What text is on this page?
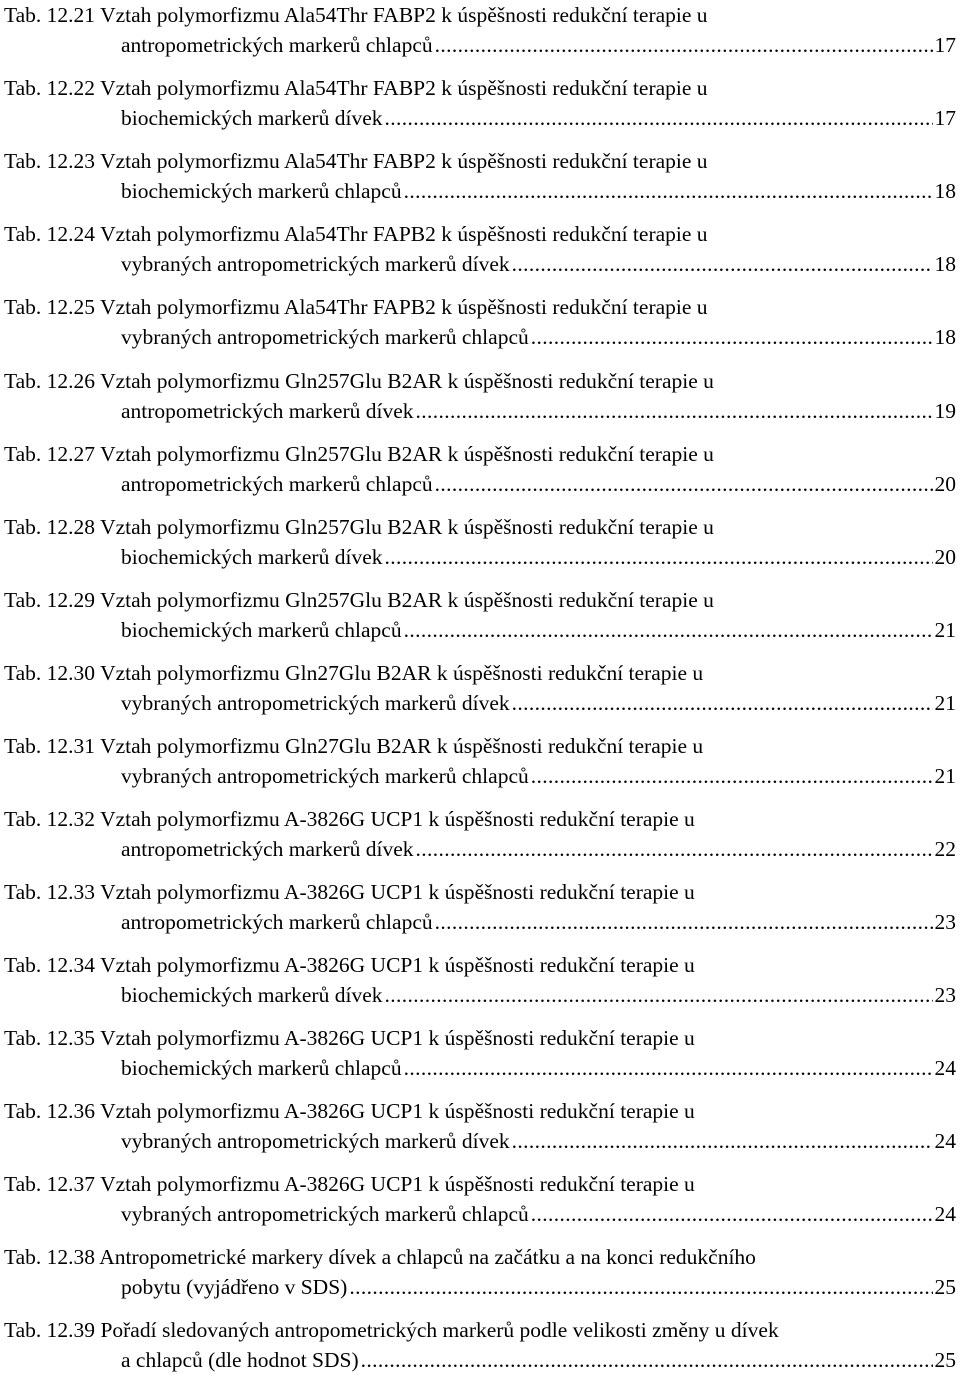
Tab. 12.21 Vztah polymorfizmu Ala54Thr FABP2 k úspěšnosti redukční terapie u
antropometrických markerů chlapců . . .	17
Tab. 12.22 Vztah polymorfizmu Ala54Thr FABP2 k úspěšnosti redukční terapie u
biochemických markerů dívek . . .	17
Tab. 12.23 Vztah polymorfizmu Ala54Thr FABP2 k úspěšnosti redukční terapie u
biochemických markerů chlapců . . .	18
Tab. 12.24 Vztah polymorfizmu Ala54Thr FAPB2 k úspěšnosti redukční terapie u
vybraných antropometrických markerů dívek . . .	18
Tab. 12.25 Vztah polymorfizmu Ala54Thr FAPB2 k úspěšnosti redukční terapie u
vybraných antropometrických markerů chlapců . . .	18
Tab. 12.26 Vztah polymorfizmu Gln257Glu B2AR k úspěšnosti redukční terapie u
antropometrických markerů dívek . . .	19
Tab. 12.27 Vztah polymorfizmu Gln257Glu B2AR k úspěšnosti redukční terapie u
antropometrických markerů chlapců . . .	20
Tab. 12.28 Vztah polymorfizmu Gln257Glu B2AR k úspěšnosti redukční terapie u
biochemických markerů dívek . . .	20
Tab. 12.29 Vztah polymorfizmu Gln257Glu B2AR k úspěšnosti redukční terapie u
biochemických markerů chlapců . . .	21
Tab. 12.30 Vztah polymorfizmu Gln27Glu B2AR k úspěšnosti redukční terapie u
vybraných antropometrických markerů dívek . . .	21
Tab. 12.31 Vztah polymorfizmu Gln27Glu B2AR k úspěšnosti redukční terapie u
vybraných antropometrických markerů chlapců . . .	21
Tab. 12.32 Vztah polymorfizmu A-3826G UCP1 k úspěšnosti redukční terapie u
antropometrických markerů dívek . . .	22
Tab. 12.33 Vztah polymorfizmu A-3826G UCP1 k úspěšnosti redukční terapie u
antropometrických markerů chlapců . . .	23
Tab. 12.34 Vztah polymorfizmu A-3826G UCP1 k úspěšnosti redukční terapie u
biochemických markerů dívek . . .	23
Tab. 12.35 Vztah polymorfizmu A-3826G UCP1 k úspěšnosti redukční terapie u
biochemických markerů chlapců . . .	24
Tab. 12.36 Vztah polymorfizmu A-3826G UCP1 k úspěšnosti redukční terapie u
vybraných antropometrických markerů dívek . . .	24
Tab. 12.37 Vztah polymorfizmu A-3826G UCP1 k úspěšnosti redukční terapie u
vybraných antropometrických markerů chlapců . . .	24
Tab. 12.38 Antropometrické markery dívek a chlapců na začátku a na konci redukčního
pobytu (vyjádřeno v SDS) . . .	25
Tab. 12.39 Pořadí sledovaných antropometrických markerů podle velikosti změny u dívek
a chlapců (dle hodnot SDS) . . .	25
